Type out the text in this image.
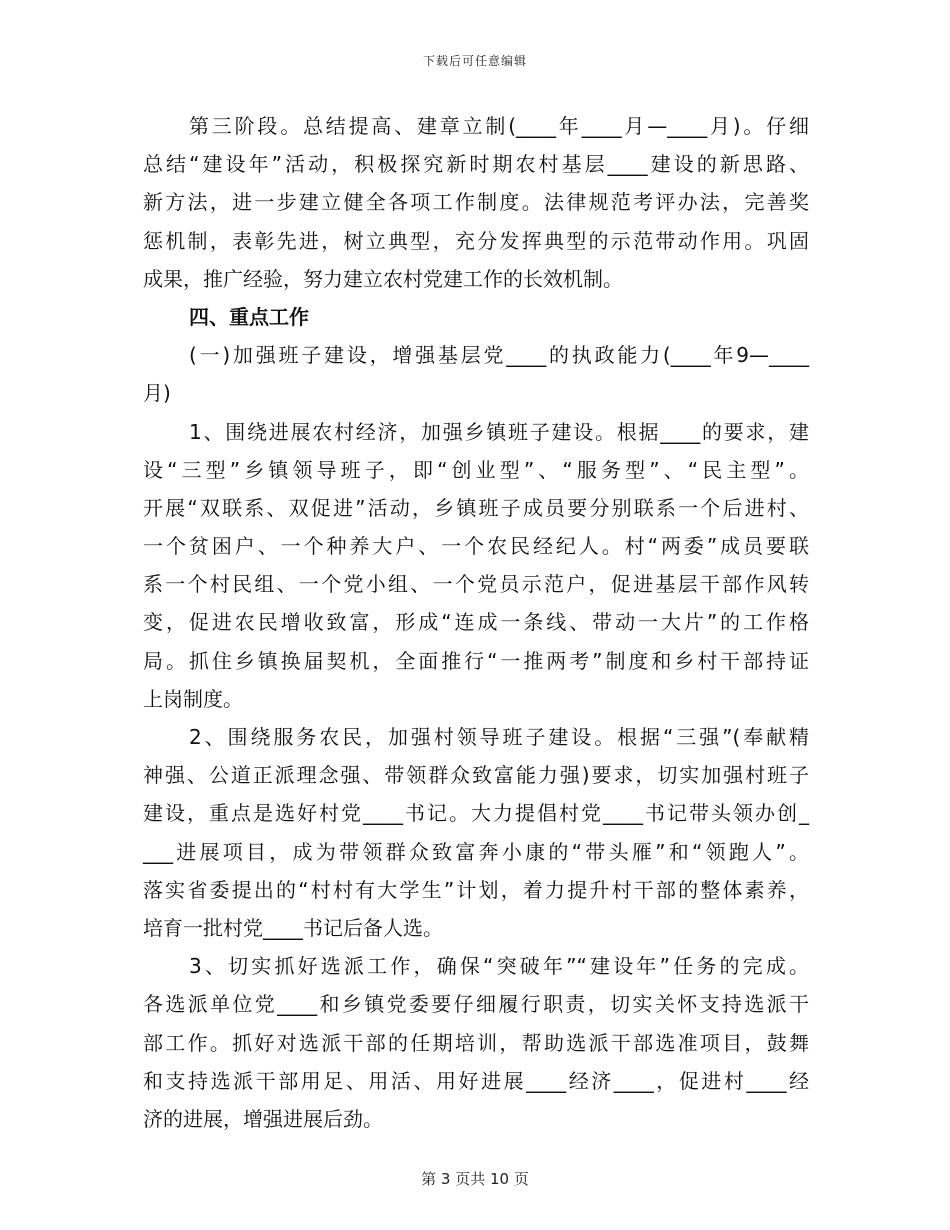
下载后可任意编辑
第三阶段。总结提高、建章立制(____年____月—____月)。仔细
总结“建设年”活动，积极探究新时期农村基层____建设的新思路、
新方法，进一步建立健全各项工作制度。法律规范考评办法，完善奖
惩机制，表彰先进，树立典型，充分发挥典型的示范带动作用。巩固
成果，推广经验，努力建立农村党建工作的长效机制。
四、重点工作
(一)加强班子建设，增强基层党____的执政能力(____年9—____
月)
1、围绕进展农村经济，加强乡镇班子建设。根据____的要求，建
设“三型”乡镇领导班子，即“创业型”、“服务型”、“民主型”。
开展“双联系、双促进”活动，乡镇班子成员要分别联系一个后进村、
一个贫困户、一个种养大户、一个农民经纪人。村“两委”成员要联
系一个村民组、一个党小组、一个党员示范户，促进基层干部作风转
变，促进农民增收致富，形成“连成一条线、带动一大片”的工作格
局。抓住乡镇换届契机，全面推行“一推两考”制度和乡村干部持证
上岗制度。
2、围绕服务农民，加强村领导班子建设。根据“三强”(奉献精
神强、公道正派理念强、带领群众致富能力强)要求，切实加强村班子
建设，重点是选好村党____书记。大力提倡村党____书记带头领办创_
___进展项目，成为带领群众致富奔小康的“带头雁”和“领跑人”。
落实省委提出的“村村有大学生”计划，着力提升村干部的整体素养，
培育一批村党____书记后备人选。
3、切实抓好选派工作，确保“突破年”“建设年”任务的完成。
各选派单位党____和乡镇党委要仔细履行职责，切实关怀支持选派干
部工作。抓好对选派干部的任期培训，帮助选派干部选准项目，鼓舞
和支持选派干部用足、用活、用好进展____经济____，促进村____经
济的进展，增强进展后劲。
第 3 页共 10 页
